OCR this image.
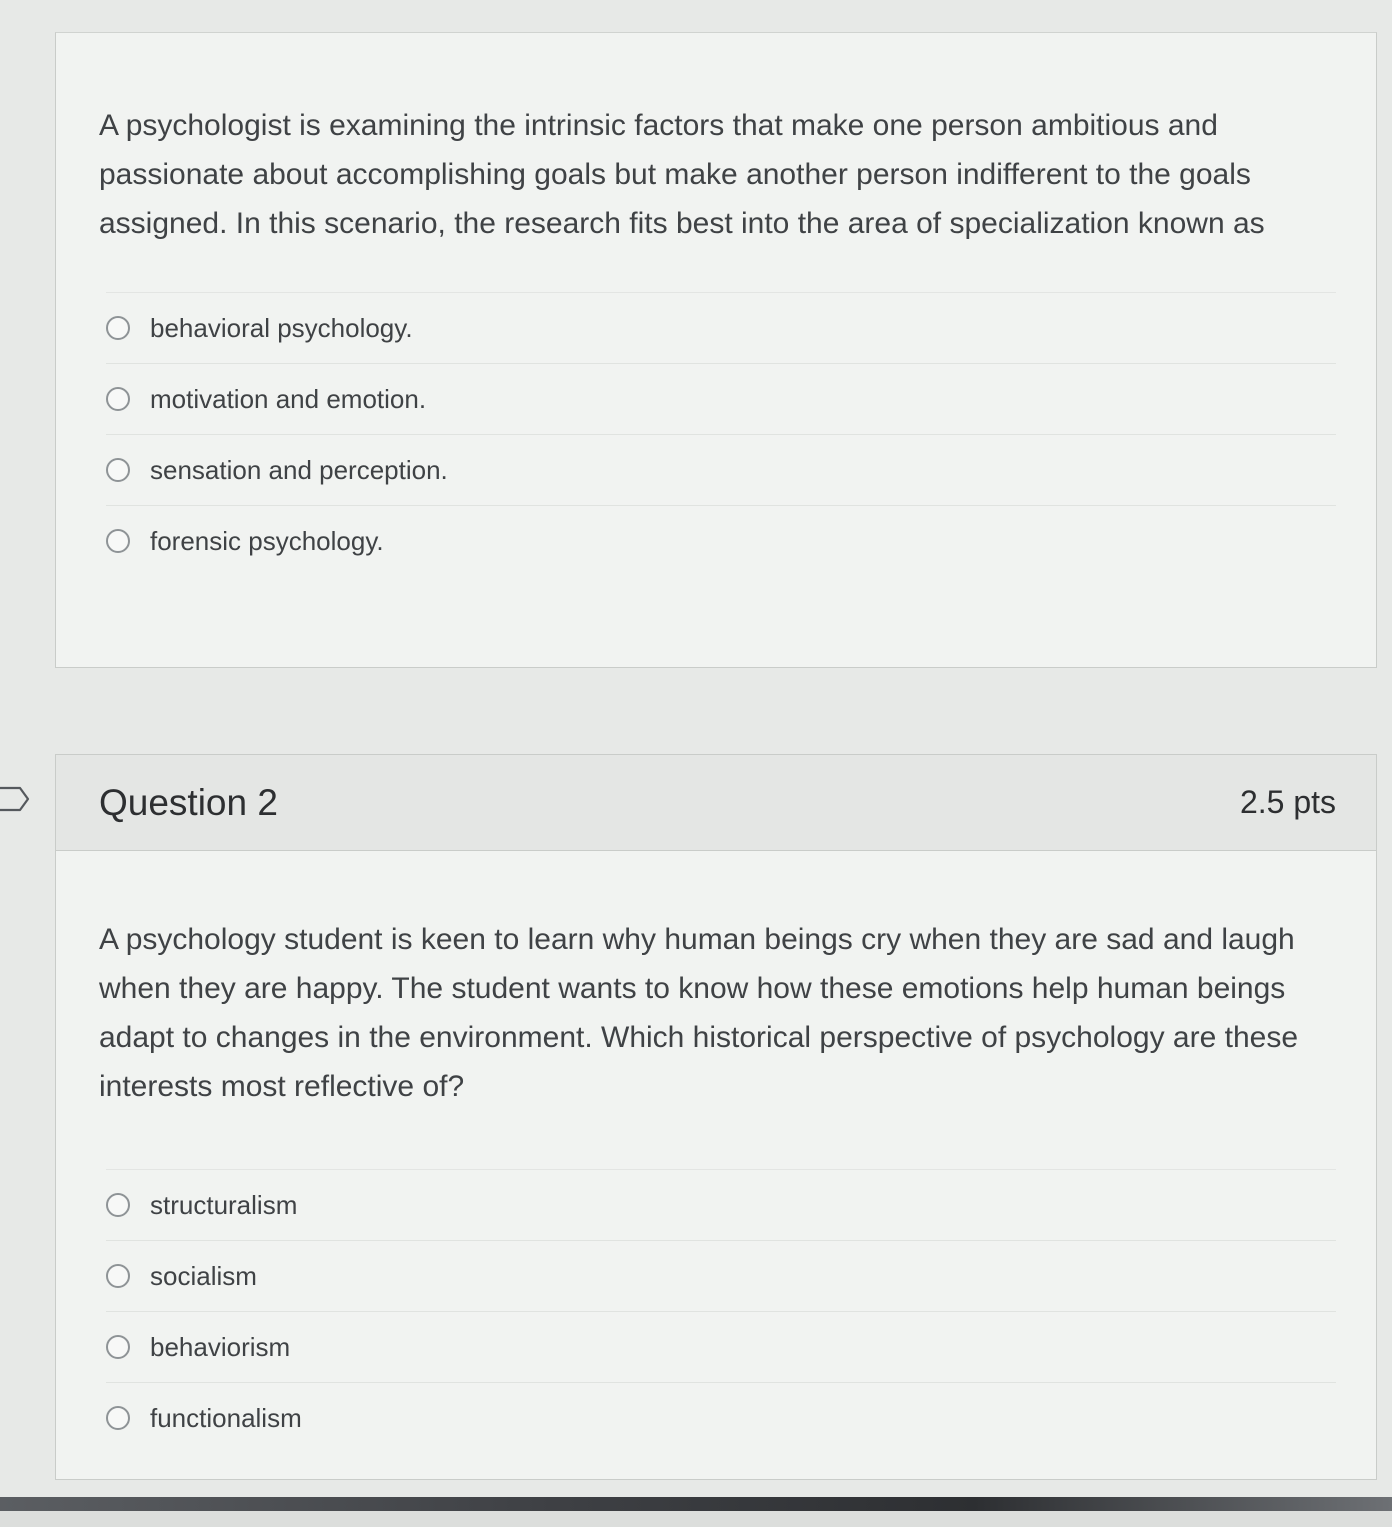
A psychologist is examining the intrinsic factors that make one person ambitious and passionate about accomplishing goals but make another person indifferent to the goals assigned. In this scenario, the research fits best into the area of specialization known as

behavioral psychology.
motivation and emotion.
sensation and perception.
forensic psychology.
Question 2	2.5 pts

A psychology student is keen to learn why human beings cry when they are sad and laugh when they are happy. The student wants to know how these emotions help human beings adapt to changes in the environment. Which historical perspective of psychology are these interests most reflective of?

structuralism
socialism
behaviorism
functionalism
